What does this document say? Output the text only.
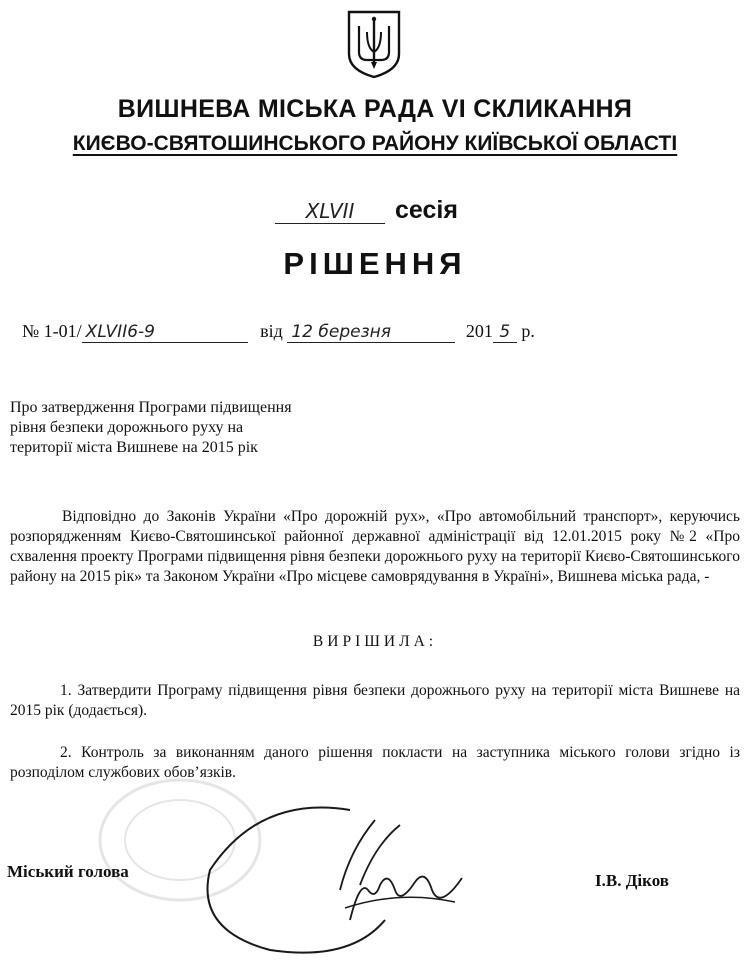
ВИШНЕВА МІСЬКА РАДА VI СКЛИКАННЯ
КИЄВО-СВЯТОШИНСЬКОГО РАЙОНУ КИЇВСЬКОЇ ОБЛАСТІ
XLVII сесія
РІШЕННЯ
№ 1-01/ XLVII6-9	від 12 березня	201 5 р.
Про затвердження Програми підвищення
рівня безпеки дорожнього руху на
території міста Вишневе на 2015 рік
Відповідно до Законів України «Про дорожній рух», «Про автомобільний транспорт», керуючись розпорядженням Києво-Святошинської районної державної адміністрації від 12.01.2015 року №2 «Про схвалення проекту Програми підвищення рівня безпеки дорожнього руху на території Києво-Святошинського району на 2015 рік» та Законом України «Про місцеве самоврядування в Україні», Вишнева міська рада, -
ВИРІШИЛА:
1. Затвердити Програму підвищення рівня безпеки дорожнього руху на території міста Вишневе на 2015 рік (додається).
2. Контроль за виконанням даного рішення покласти на заступника міського голови згідно із розподілом службових обов’язків.
Міський голова	І.В. Діков
